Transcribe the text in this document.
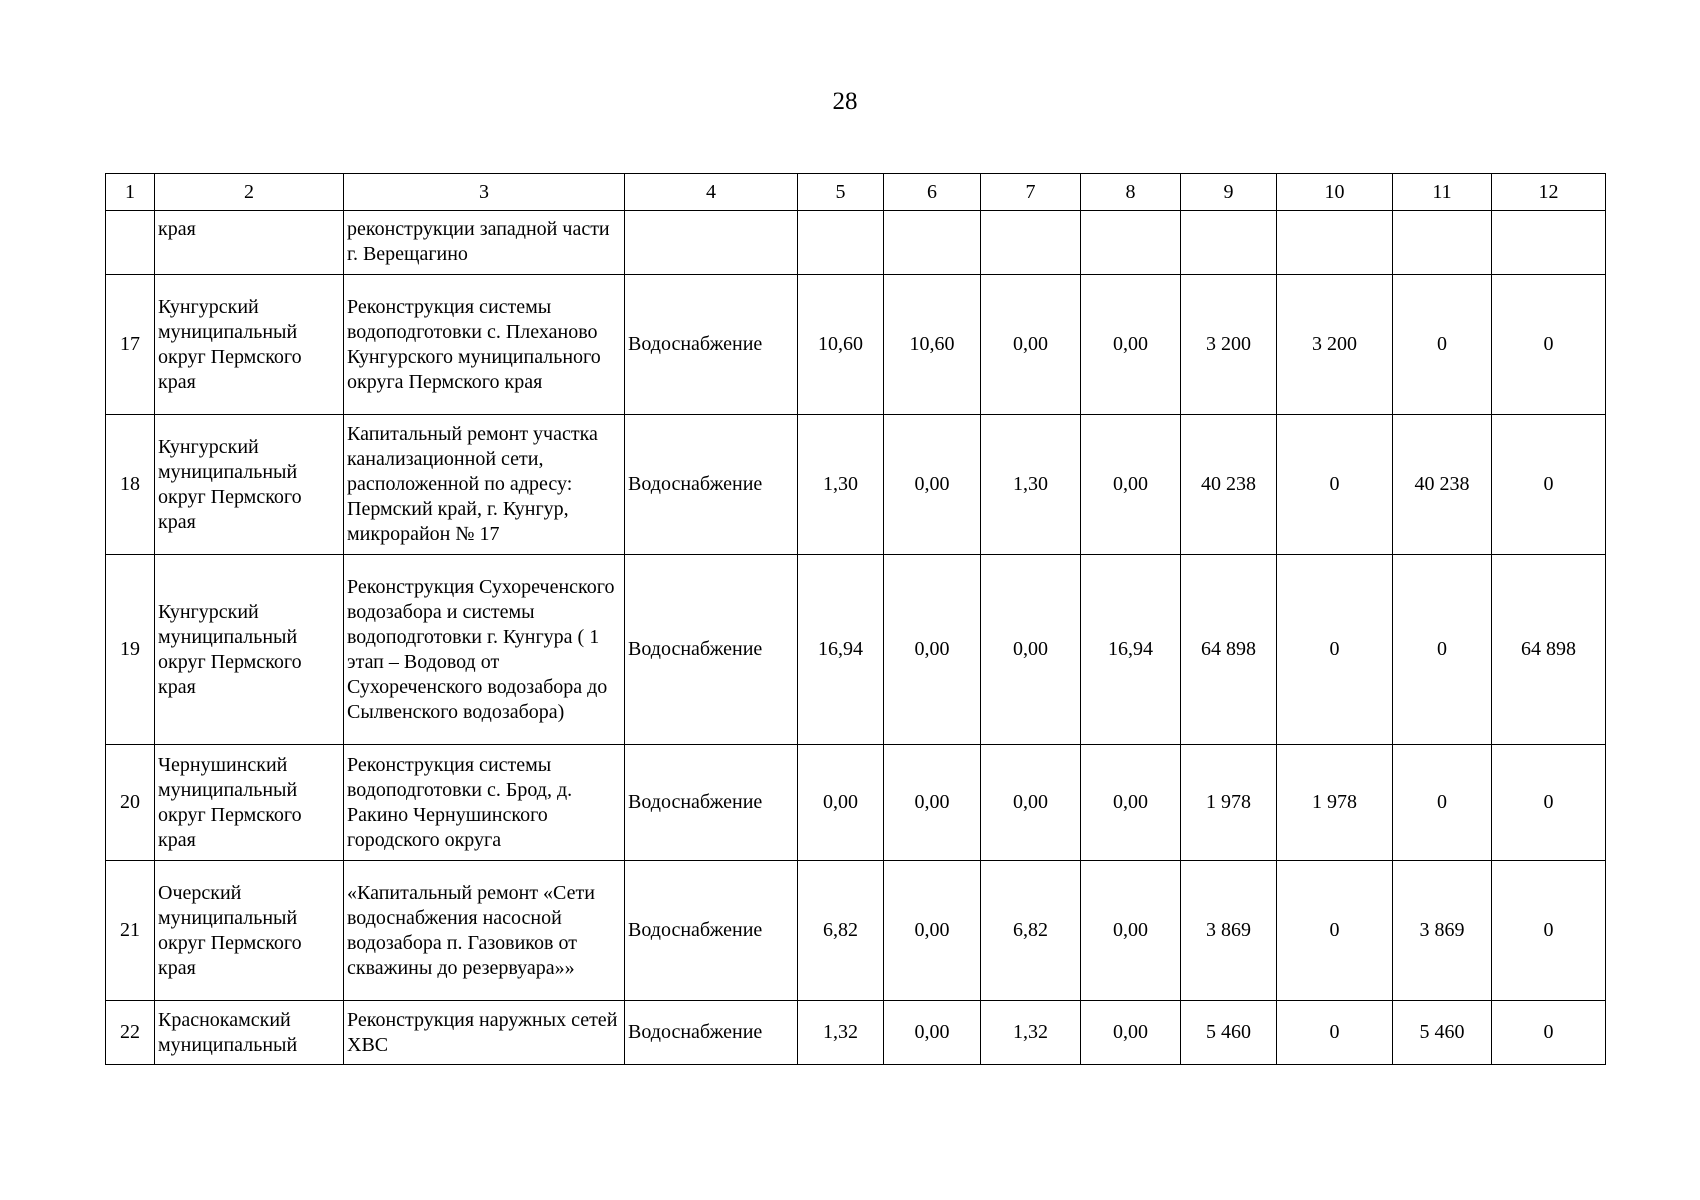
28
1	2	3	4	5	6	7	8	9	10	11	12
	края	реконструкции западной части г. Верещагино									
17	Кунгурский муниципальный округ Пермского края	Реконструкция системы водоподготовки с. Плеханово Кунгурского муниципального округа Пермского края	Водоснабжение	10,60	10,60	0,00	0,00	3 200	3 200	0	0
18	Кунгурский муниципальный округ Пермского края	Капитальный ремонт участка канализационной сети, расположенной по адресу: Пермский край, г. Кунгур, микрорайон № 17	Водоснабжение	1,30	0,00	1,30	0,00	40 238	0	40 238	0
19	Кунгурский муниципальный округ Пермского края	Реконструкция Сухореченского водозабора и системы водоподготовки г. Кунгура ( 1 этап – Водовод от Сухореченского водозабора до Сылвенского водозабора)	Водоснабжение	16,94	0,00	0,00	16,94	64 898	0	0	64 898
20	Чернушинский муниципальный округ Пермского края	Реконструкция системы водоподготовки с. Брод, д. Ракино Чернушинского городского округа	Водоснабжение	0,00	0,00	0,00	0,00	1 978	1 978	0	0
21	Очерский муниципальный округ Пермского края	«Капитальный ремонт «Сети водоснабжения насосной водозабора п. Газовиков от скважины до резервуара»»	Водоснабжение	6,82	0,00	6,82	0,00	3 869	0	3 869	0
22	Краснокамский муниципальный	Реконструкция наружных сетей ХВС	Водоснабжение	1,32	0,00	1,32	0,00	5 460	0	5 460	0
